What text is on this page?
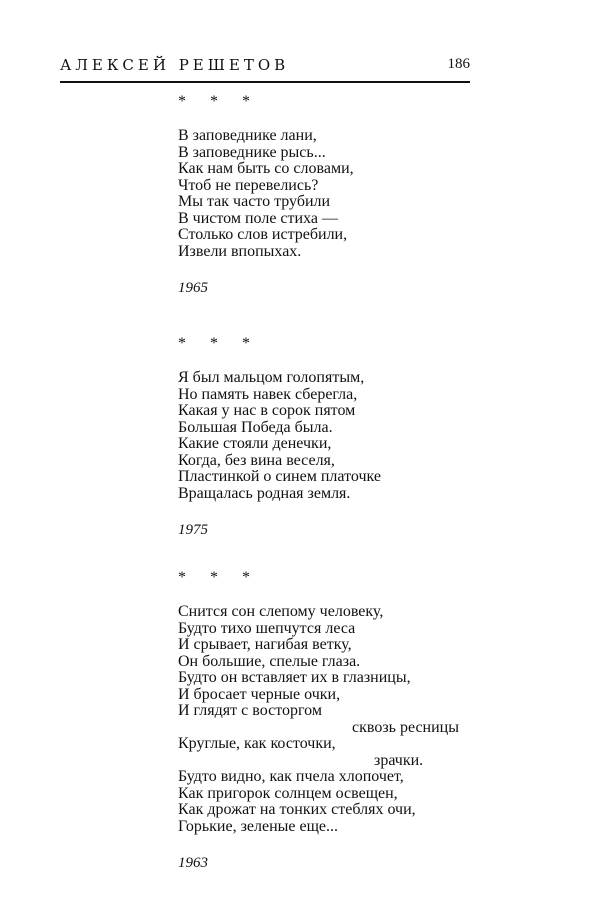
АЛЕКСЕЙ РЕШЕТОВ	186
* * *
В заповеднике лани,
В заповеднике рысь...
Как нам быть со словами,
Чтоб не перевелись?
Мы так часто трубили
В чистом поле стиха —
Столько слов истребили,
Извели впопыхах.
1965
* * *
Я был мальцом голопятым,
Но память навек сберегла,
Какая у нас в сорок пятом
Большая Победа была.
Какие стояли денечки,
Когда, без вина веселя,
Пластинкой о синем платочке
Вращалась родная земля.
1975
* * *
Снится сон слепому человеку,
Будто тихо шепчутся леса
И срывает, нагибая ветку,
Он большие, спелые глаза.
Будто он вставляет их в глазницы,
И бросает черные очки,
И глядят с восторгом
сквозь ресницы
Круглые, как косточки,
зрачки.
Будто видно, как пчела хлопочет,
Как пригорок солнцем освещен,
Как дрожат на тонких стеблях очи,
Горькие, зеленые еще...
1963
